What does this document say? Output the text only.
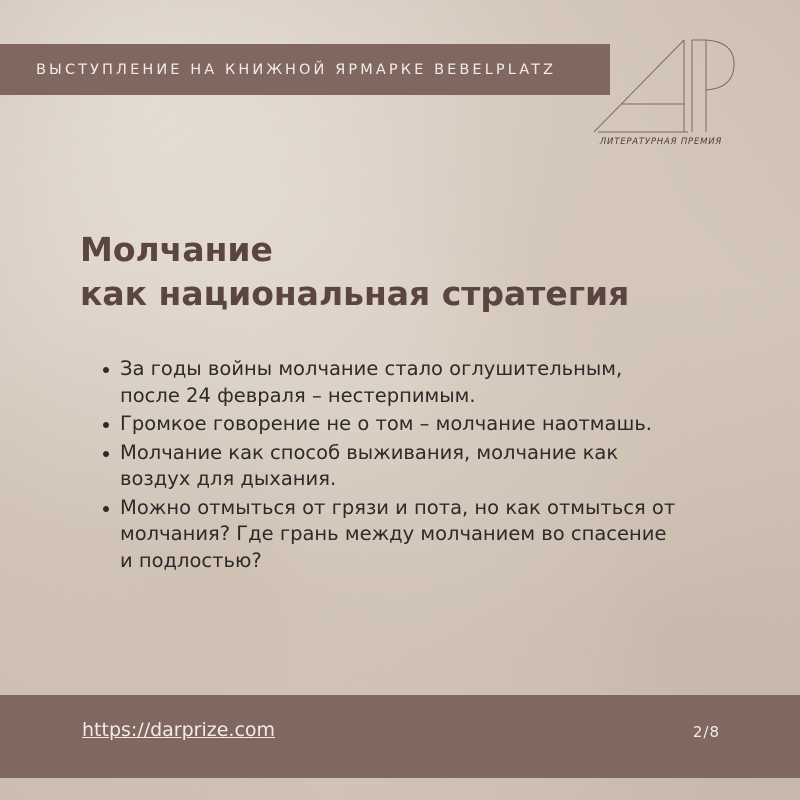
ВЫСТУПЛЕНИЕ НА КНИЖНОЙ ЯРМАРКЕ BEBELPLATZ
ЛИТЕРАТУРНАЯ ПРЕМИЯ
Молчание
как национальная стратегия
За годы войны молчание стало оглушительным,
после 24 февраля – нестерпимым.
Громкое говорение не о том – молчание наотмашь.
Молчание как способ выживания, молчание как
воздух для дыхания.
Можно отмыться от грязи и пота, но как отмыться от
молчания? Где грань между молчанием во спасение
и подлостью?
https://darprize.com	2/8
